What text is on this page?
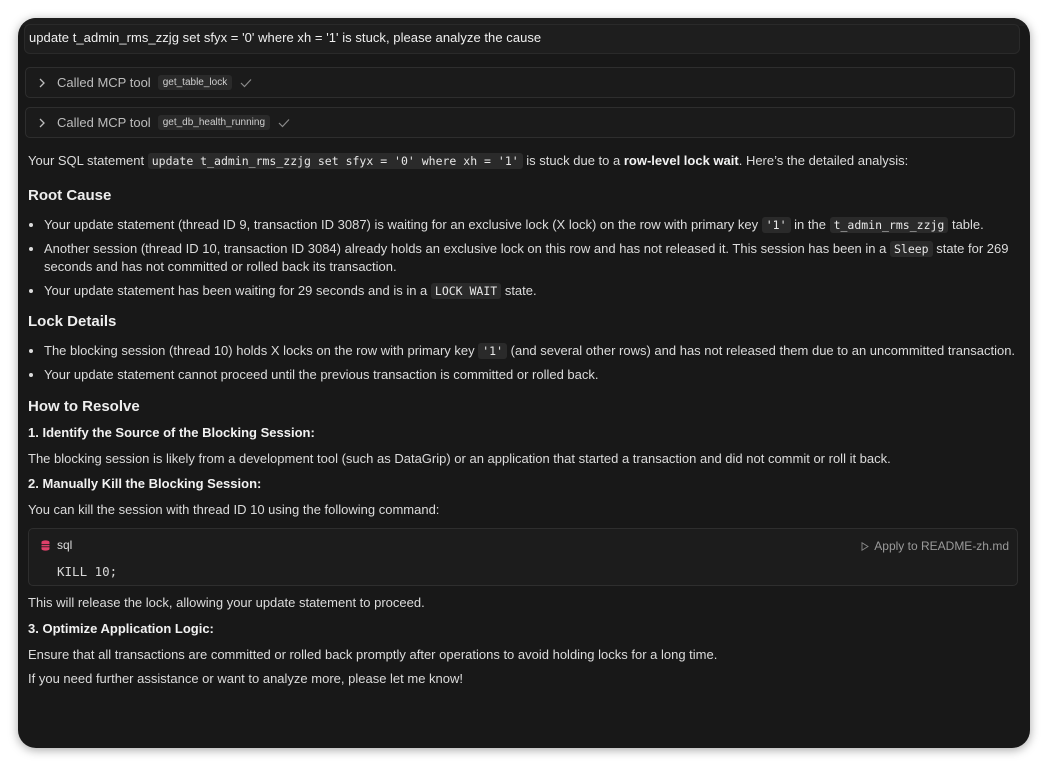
update t_admin_rms_zzjg set sfyx = '0' where xh = '1' is stuck, please analyze the cause
Called MCP tool	get_table_lock
Called MCP tool	get_db_health_running

Your SQL statement update t_admin_rms_zzjg set sfyx = '0' where xh = '1' is stuck due to a row-level lock wait. Here’s the detailed analysis:

Root Cause
• Your update statement (thread ID 9, transaction ID 3087) is waiting for an exclusive lock (X lock) on the row with primary key '1' in the t_admin_rms_zzjg table.
• Another session (thread ID 10, transaction ID 3084) already holds an exclusive lock on this row and has not released it. This session has been in a Sleep state for 269 seconds and has not committed or rolled back its transaction.
• Your update statement has been waiting for 29 seconds and is in a LOCK WAIT state.
Lock Details
• The blocking session (thread 10) holds X locks on the row with primary key '1' (and several other rows) and has not released them due to an uncommitted transaction.
• Your update statement cannot proceed until the previous transaction is committed or rolled back.
How to Resolve

1. Identify the Source of the Blocking Session:

The blocking session is likely from a development tool (such as DataGrip) or an application that started a transaction and did not commit or roll it back.

2. Manually Kill the Blocking Session:

You can kill the session with thread ID 10 using the following command:

sql	Apply to README-zh.md
KILL 10;

This will release the lock, allowing your update statement to proceed.

3. Optimize Application Logic:

Ensure that all transactions are committed or rolled back promptly after operations to avoid holding locks for a long time.

If you need further assistance or want to analyze more, please let me know!
